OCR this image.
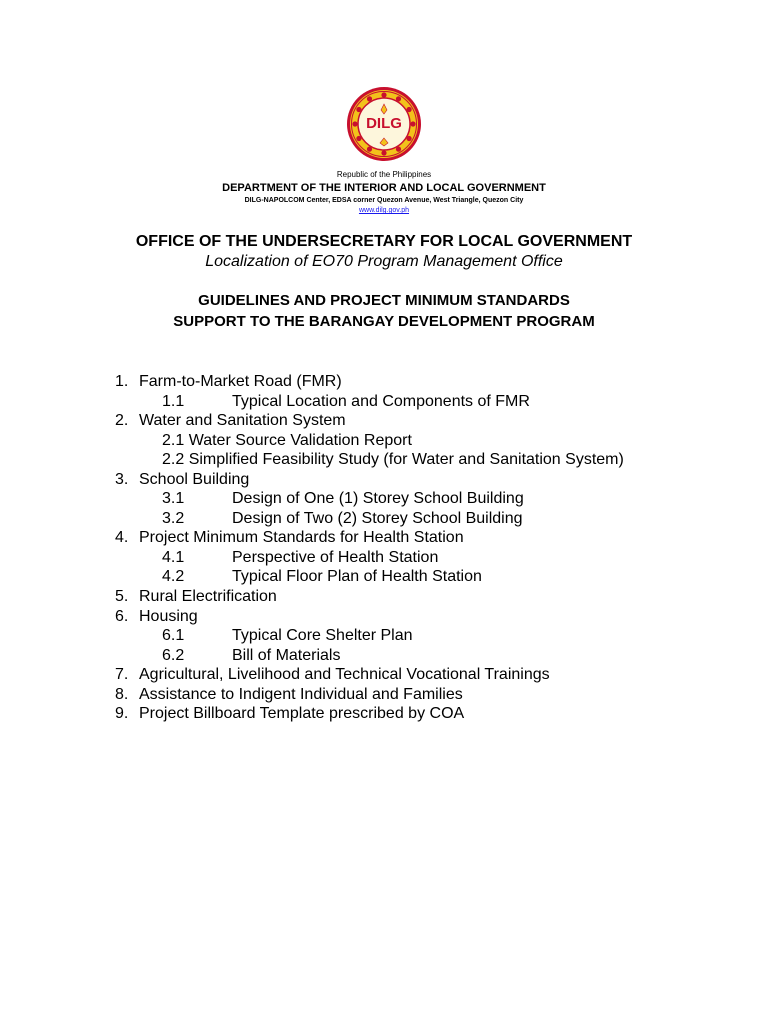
DILG
Republic of the Philippines
DEPARTMENT OF THE INTERIOR AND LOCAL GOVERNMENT
DILG-NAPOLCOM Center, EDSA corner Quezon Avenue, West Triangle, Quezon City
www.dilg.gov.ph
OFFICE OF THE UNDERSECRETARY FOR LOCAL GOVERNMENT
Localization of EO70 Program Management Office
GUIDELINES AND PROJECT MINIMUM STANDARDS
SUPPORT TO THE BARANGAY DEVELOPMENT PROGRAM
1. Farm-to-Market Road (FMR)
1.1	Typical Location and Components of FMR
2. Water and Sanitation System
2.1 Water Source Validation Report
2.2 Simplified Feasibility Study (for Water and Sanitation System)
3. School Building
3.1	Design of One (1) Storey School Building
3.2	Design of Two (2) Storey School Building
4. Project Minimum Standards for Health Station
4.1	Perspective of Health Station
4.2	Typical Floor Plan of Health Station
5. Rural Electrification
6. Housing
6.1	Typical Core Shelter Plan
6.2	Bill of Materials
7. Agricultural, Livelihood and Technical Vocational Trainings
8. Assistance to Indigent Individual and Families
9. Project Billboard Template prescribed by COA
